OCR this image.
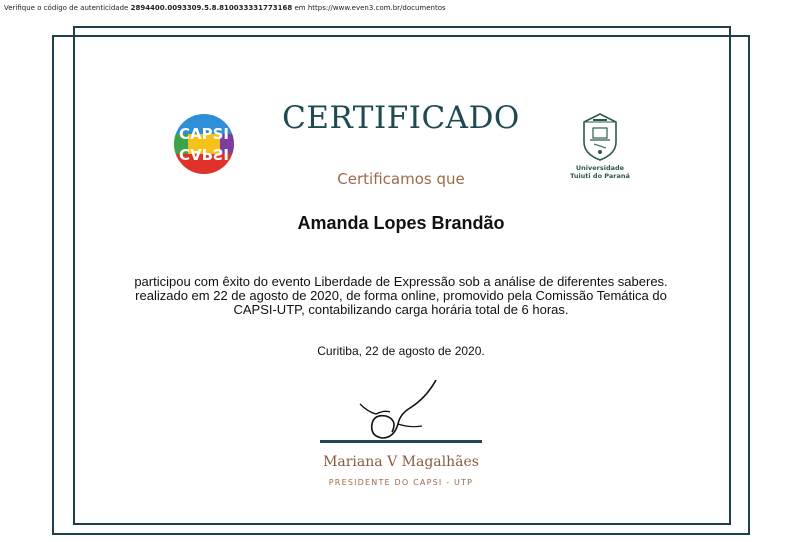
Verifique o código de autenticidade 2894400.0093309.5.8.8100333317731​68 em https://www.even3.com.br/documentos
CAPSI
CAPSI
CERTIFICADO
Certificamos que
Universidade
Tuiuti do Paraná
Amanda Lopes Brandão
participou com êxito do evento Liberdade de Expressão sob a análise de diferentes saberes. realizado em 22 de agosto de 2020, de forma online, promovido pela Comissão Temática do CAPSI-UTP, contabilizando carga horária total de 6 horas.
Curitiba, 22 de agosto de 2020.
Mariana V Magalhães
PRESIDENTE DO CAPSI - UTP
